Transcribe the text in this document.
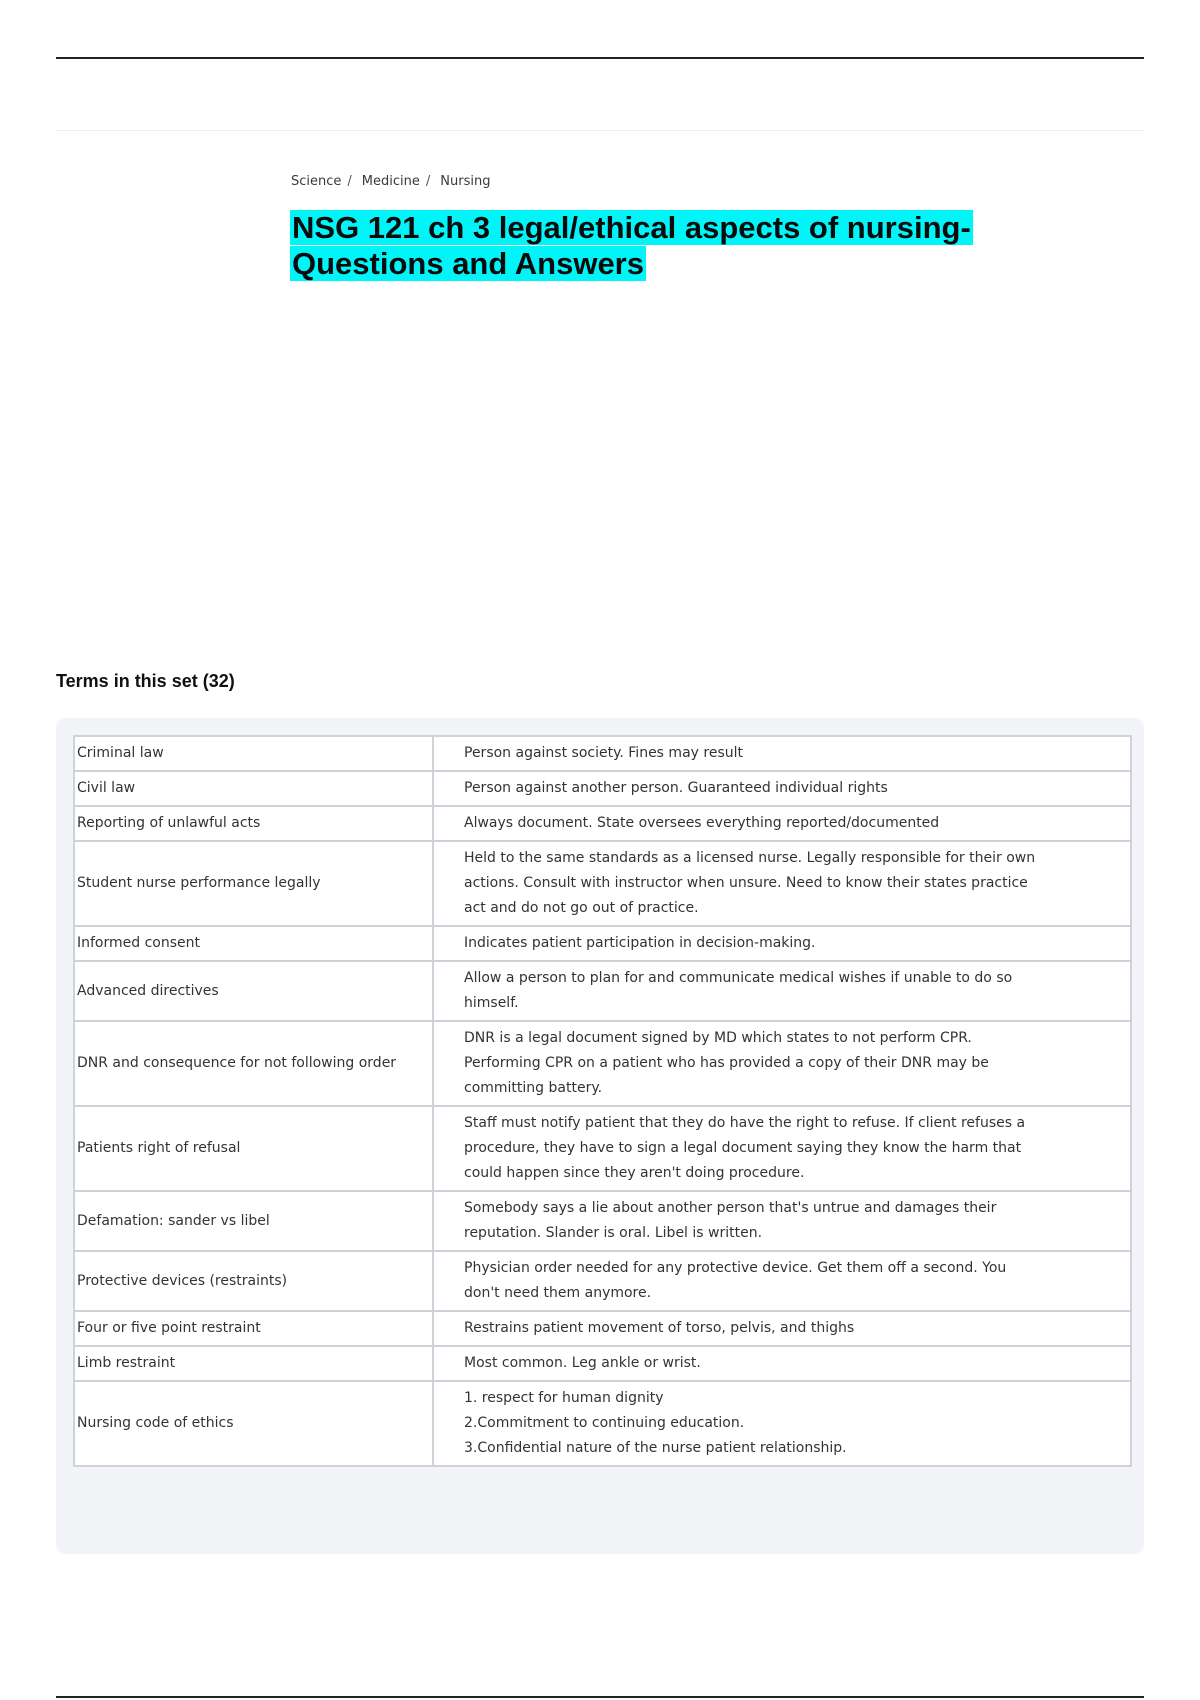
Science / Medicine / Nursing
NSG 121 ch 3 legal/ethical aspects of nursing- Questions and Answers
Terms in this set (32)
Criminal law	Person against society. Fines may result

Civil law	Person against another person. Guaranteed individual rights

Reporting of unlawful acts	Always document. State oversees everything reported/documented

Student nurse performance legally	Held to the same standards as a licensed nurse. Legally responsible for their own actions. Consult with instructor when unsure. Need to know their states practice act and do not go out of practice.

Informed consent	Indicates patient participation in decision-making.

Advanced directives	Allow a person to plan for and communicate medical wishes if unable to do so himself.

DNR and consequence for not following order	DNR is a legal document signed by MD which states to not perform CPR. Performing CPR on a patient who has provided a copy of their DNR may be committing battery.

Patients right of refusal	Staff must notify patient that they do have the right to refuse. If client refuses a procedure, they have to sign a legal document saying they know the harm that could happen since they aren't doing procedure.

Defamation: sander vs libel	Somebody says a lie about another person that's untrue and damages their reputation. Slander is oral. Libel is written.

Protective devices (restraints)	Physician order needed for any protective device. Get them off a second. You don't need them anymore.

Four or five point restraint	Restrains patient movement of torso, pelvis, and thighs

Limb restraint	Most common. Leg ankle or wrist.

Nursing code of ethics	1. respect for human dignity
2.Commitment to continuing education.
3.Confidential nature of the nurse patient relationship.
